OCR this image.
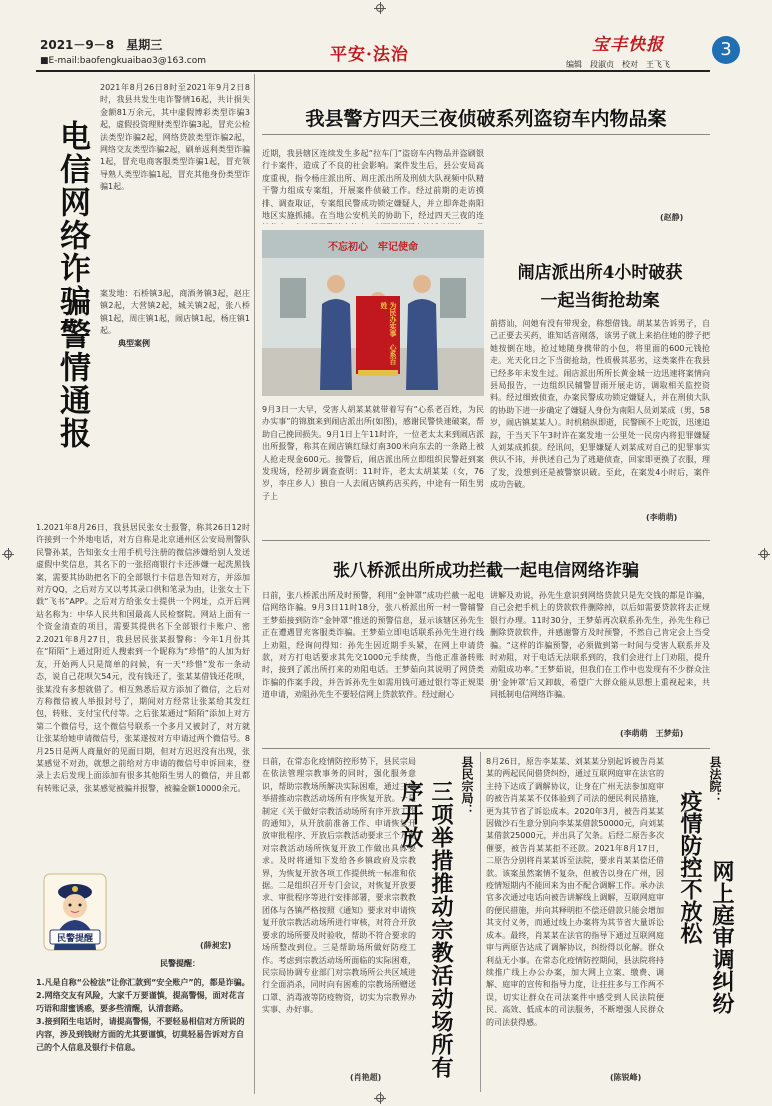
2021－9－8 星期三
■E-mail:baofengkuaibao3@163.com	平安·法治	宝丰快报	3
编辑　段淑贞　校对　王飞飞
电信网络诈骗警情通报
2021年8月26日8时至2021年9月2日8时，我县共发生电诈警情16起，共计损失金额81万余元，其中虚假博彩类型诈骗3起，虚假投资理财类型诈骗3起，冒充公检法类型诈骗2起，网络贷款类型诈骗2起，网络交友类型诈骗2起，刷单返利类型诈骗1起，冒充电商客服类型诈骗1起，冒充领导熟人类型诈骗1起，冒充其他身份类型诈骗1起。
案发地：石桥镇3起，商酒务镇3起，赵庄镇2起，大营镇2起，城关镇2起，张八桥镇1起，周庄镇1起，闹店镇1起，杨庄镇1起。
典型案例
1.2021年8月26日，我县居民张女士报警，称其26日12时许接到一个外地电话，对方自称是北京通州区公安局刑警队民警孙某，告知张女士用手机号注册的微信涉嫌给别人发送虚假中奖信息，其名下的一张招商银行卡还涉嫌一起洗黑钱案，需要其协助把名下的全部银行卡信息告知对方，并添加对方QQ，之后对方又以考其录口供和笔录为由，让张女士下载“飞书”APP。之后对方给张女士提供一个网址，点开后网站名称为：中华人民共和国最高人民检察院。网站上面有一个资金清查的项目，需要其提供名下全部银行卡账户、密
2.2021年8月27日，我县居民张某报警称：今年1月份其在“陌陌”上通过附近人搜索到一个昵称为“珍惜”的人加为好友，开始两人只是简单的问候，有一天“珍惜”发布一条动态，说自己花呗欠54元，没有钱还了，张某某借钱还花呗，张某没有多想就借了。相互熟悉后双方添加了微信，之后对方称微信被人举报封号了，期间对方经常让张某给其发红包，转账、支付宝代付等。之后张某通过“陌陌”添加上对方第二个微信号，这个微信号联系一个多月又被封了，对方就让张某给她申请微信号，张某遂按对方申请过两个微信号。8月25日是两人商量好的见面日期，但对方迟迟没有出现，张某感觉不对劲，就想之前给对方申请的微信号申诉回来，登录上去后发现上面添加有很多其他陌生男人的微信，并且都有转账记录，张某感觉被骗并报警，被骗金额10000余元。
民警提醒
(薛昶宏)
民警提醒：
1.凡是自称“公检法”让你汇款到“安全账户”的，都是诈骗。
2.网络交友有风险，大家千万要谨慎，提高警惕，面对花言巧语和甜蜜诱惑，要多些清醒，认清套路。
3.接到陌生电话时，请提高警惕，不要轻易相信对方所说的内容，涉及到钱财方面的尤其要谨慎，切莫轻易告诉对方自己的个人信息及银行卡信息。
我县警方四天三夜侦破系列盗窃车内物品案
近期，我县辖区连续发生多起“拉车门”盗窃车内物品并盗刷银行卡案件，造成了不良的社会影响。案件发生后，县公安局高度重视，指令杨庄派出所、周庄派出所及刑侦大队视频中队精干警力组成专案组，开展案件侦破工作。经过前期的走访摸排、调查取证，专案组民警成功锁定嫌疑人，并立即奔赴南阳地区实施抓捕。在当地公安机关的协助下，经过四天三夜的连	(赵静)
不忘初心　牢记使命
为民办实事　心系百姓
闹店派出所4小时破获
一起当街抢劫案
9月3日一大早，受害人胡某某就带着写有“心系老百姓，为民办实事”的锦旗来到闹店派出所(如图)，感谢民警快速破案，帮助自己挽回损失。9月1日上午11时许，一位老太太来到闹店派出所报警，称其在闹店镇红绿灯南300米向东去的一条路上被人抢走现金600元。接警后，闹店派出所立即组织民警赶到案发现场，经初步调查查明：11时许，老太太胡某某（女，76岁，李庄乡人）独自一人去闹店镇药店买药，中途有一陌生男子上
前搭讪，问她有没有带现金，称想借钱。胡某某告诉男子，自己正要去买药，谁知话音刚落，该男子就上来掐住她的脖子把她按倒在地，抢过她随身携带的小包，将里面的600元钱抢走。光天化日之下当街抢劫，性质极其恶劣，这类案件在我县已经多年未发生过。闹店派出所所长黄金城一边迅速将案情向县局报告，一边组织民辅警冒雨开展走访，调取相关监控资料。经过细致侦查，办案民警成功锁定嫌疑人，并在刑侦大队的协助下进一步确定了嫌疑人身份为南阳人员刘某成（男，58岁，闹店镇某某人）。时机稍纵即逝，民警顾不上吃饭，迅速追踪，于当天下午3时许在案发地一公里处一民房内将犯罪嫌疑人刘某成抓获。经讯问，犯罪嫌疑人刘某成对自己的犯罪事实供认不讳，并供述自己为了逃避侦查，回家即更换了衣服，理了发，没想到还是被警察识破。至此，在案发4小时后，案件成功告破。
(李萌萌)
张八桥派出所成功拦截一起电信网络诈骗
日前，张八桥派出所及时预警，利用“金钟罩”成功拦截一起电信网络诈骗。9月3日11时18分，张八桥派出所一村一警辅警王梦茹接到防诈“金钟罩”推送的预警信息，显示该辖区孙先生正在遭遇冒充客服类诈骗。王梦茹立即电话联系孙先生进行线上劝阻，经询问得知：孙先生因近期手头紧，在网上申请贷款，对方打电话要求其先交1000元手续费，当他正准备转账时，接到了派出所打来的劝阻电话。王梦茹向其说明了网贷类诈骗的作案手段，并告诉孙先生如需用钱可通过银行等正规渠道申请，劝阻孙先生不要轻信网上贷款软件。经过耐心
讲解及劝说，孙先生意识到网络贷款只是先交钱的都是诈骗，自己会把手机上的贷款软件删除掉，以后如需要贷款将去正规银行办理。11时30分，王梦茹再次联系孙先生，孙先生称已删除贷款软件，并感谢警方及时预警，不然自己肯定会上当受骗。“这样的诈骗预警，必须做到第一时间与受害人联系并及时劝阻，对于电话无法联系到的，我们会进行上门劝阻，提升劝阻成功率。”王梦茹说，但我们在工作中也发现有不少群众注册‘金钟罩’后又卸载，希望广大群众能从思想上重视起来，共同抵制电信网络诈骗。
(李萌萌　王梦茹)
日前，在常态化疫情防控形势下，县民宗局在依法管理宗教事务的同时，强化服务意识，帮助宗教场所解决实际困难，通过三项举措推动宗教活动场所有序恢复开放。一是制定《关于做好宗教活动场所有序开放工作的通知》，从开放前准备工作、申请恢复开放审批程序、开放后宗教活动要求三个方面对宗教活动场所恢复开放工作做出具体要求。及时将通知下发给各乡镇政府及宗教界，为恢复开放各项工作提供统一标准和依据。二是组织召开专门会议，对恢复开放要求、审批程序等进行安排部署，要求宗教教团体与各镇严格按照《通知》要求对申请恢复开放宗教活动场所进行审核，对符合开放要求的场所要及时验收，帮助不符合要求的场所整改到位。三是帮助场所做好防疫工作。考虑到宗教活动场所面临的实际困难，民宗局协调专业部门对宗教场所公共区域进行全面消杀，同时向有困难的宗教场所赠送口罩、消毒液等防疫物资，切实为宗教界办实事、办好事。
县民宗局：
三项举措推动宗教活动场所有序开放
(肖艳超)
8月26日，原告李某某、刘某某分别起诉被告肖某某的两起民间借贷纠纷，通过互联网庭审在法官的主持下达成了调解协议，让身在广州无法参加庭审的被告肖某某不仅体验到了司法的便民利民措施，更为其节省了诉讼成本。2020年3月，被告肖某某因做沙石生意分别向李某某借款50000元，向刘某某借款25000元，并出具了欠条。后经二原告多次催要，被告肖某某拒不还款。2021年8月17日，二原告分别将肖某某诉至法院，要求肖某某偿还借款。该案虽然案情不复杂，但被告以身在广州，因疫情短期内不能回来为由不配合调解工作。承办法官多次通过电话向被告讲解线上调解，互联网庭审的便民措施，并向其释明拒不偿还借款只能会增加其支付义务，而通过线上办案将为其节省大量诉讼成本。最终，肖某某在法官的指导下通过互联网庭审与两原告达成了调解协议，纠纷得以化解。群众利益无小事。在常态化疫情防控期间，县法院将持续推广线上办公办案，加大网上立案、缴费、调解、庭审的宣传和指导力度，让拄拄多与工作两不误，切实让群众在司法案件中感受到人民法院便民、高效、低成本的司法服务，不断增强人民群众的司法获得感。
县法院：
疫情防控不放松 网上庭审调纠纷
(陈锐峰)
